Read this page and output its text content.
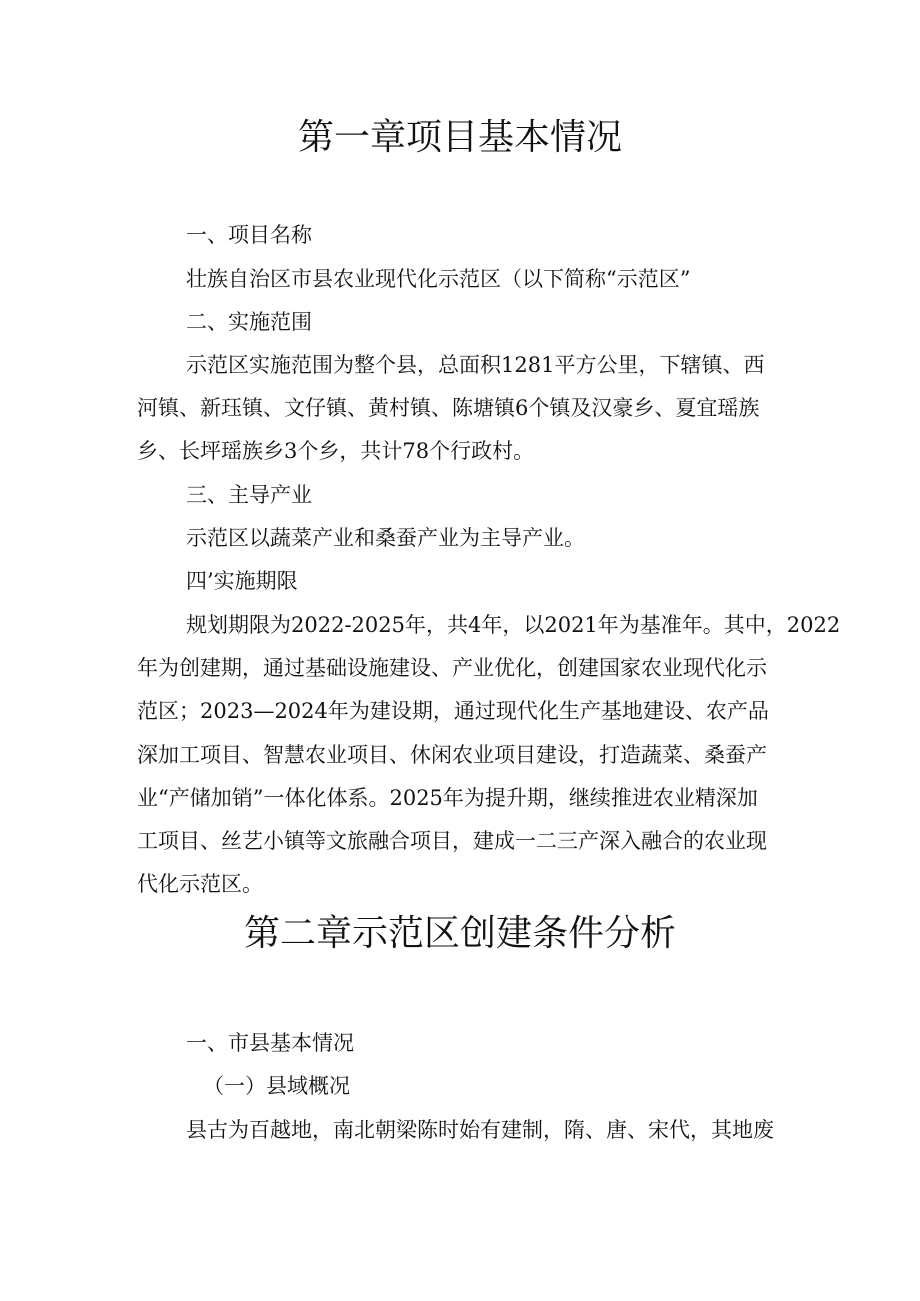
第一章项目基本情况

一、项目名称

壮族自治区市县农业现代化示范区（以下简称“示范区”

二、实施范围

示范区实施范围为整个县，总面积1281平方公里，下辖镇、西

河镇、新珏镇、文仔镇、黄村镇、陈塘镇6个镇及汉豪乡、夏宜瑶族

乡、长坪瑶族乡3个乡，共计78个行政村。

三、主导产业

示范区以蔬菜产业和桑蚕产业为主导产业。

四’实施期限

规划期限为2022-2025年，共4年，以2021年为基准年。其中，2022

年为创建期，通过基础设施建设、产业优化，创建国家农业现代化示

范区；2023—2024年为建设期，通过现代化生产基地建设、农产品

深加工项目、智慧农业项目、休闲农业项目建设，打造蔬菜、桑蚕产

业“产储加销”一体化体系。2025年为提升期，继续推进农业精深加

工项目、丝艺小镇等文旅融合项目，建成一二三产深入融合的农业现

代化示范区。

第二章示范区创建条件分析

一、市县基本情况

（一）县域概况

县古为百越地，南北朝梁陈时始有建制，隋、唐、宋代，其地废
